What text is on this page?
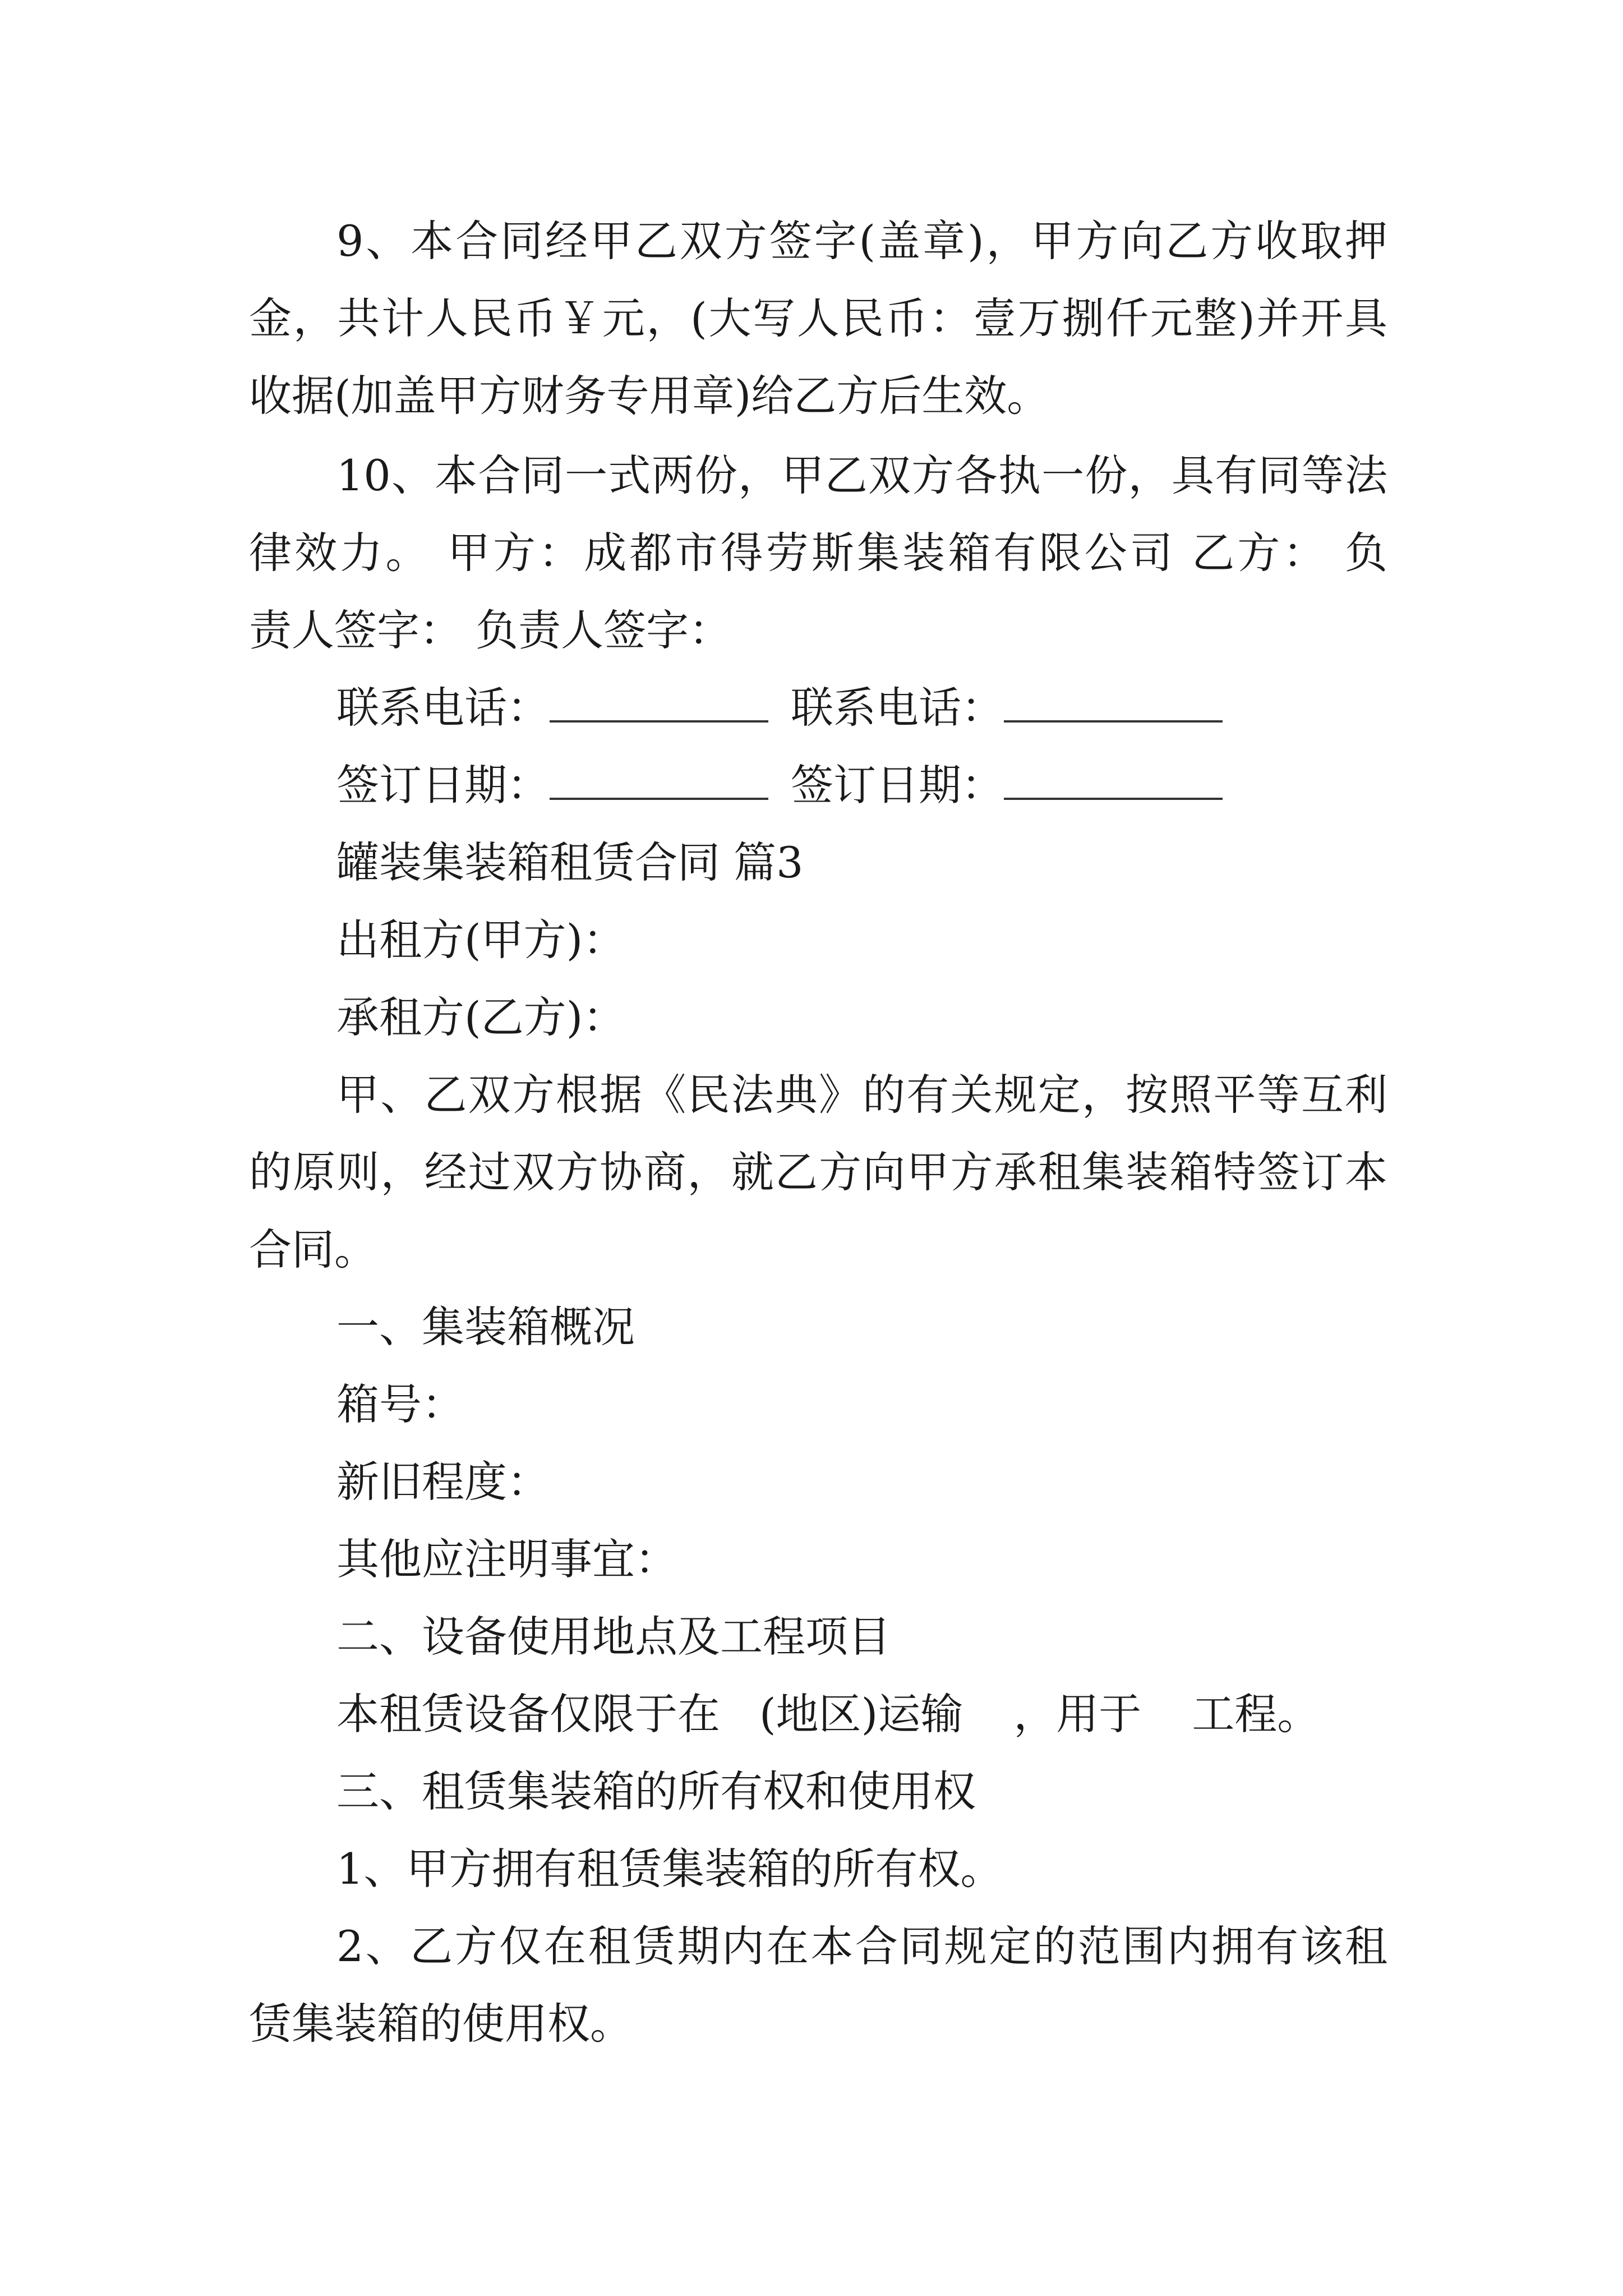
9、本合同经甲乙双方签字(盖章)，甲方向乙方收取押
金，共计人民币￥元，(大写人民币：壹万捌仟元整)并开具
收据(加盖甲方财务专用章)给乙方后生效。
10、本合同一式两份，甲乙双方各执一份，具有同等法
律效力。 甲方：成都市得劳斯集装箱有限公司 乙方： 负
责人签字： 负责人签字：
联系电话：	联系电话：
签订日期：	签订日期：
罐装集装箱租赁合同 篇3
出租方(甲方)：
承租方(乙方)：
甲、乙双方根据《民法典》的有关规定，按照平等互利
的原则，经过双方协商，就乙方向甲方承租集装箱特签订本
合同。
一、集装箱概况
箱号：
新旧程度：
其他应注明事宜：
二、设备使用地点及工程项目
本租赁设备仅限于在 (地区)运输 ，用于 工程。
三、租赁集装箱的所有权和使用权
1、甲方拥有租赁集装箱的所有权。
2、乙方仅在租赁期内在本合同规定的范围内拥有该租
赁集装箱的使用权。
